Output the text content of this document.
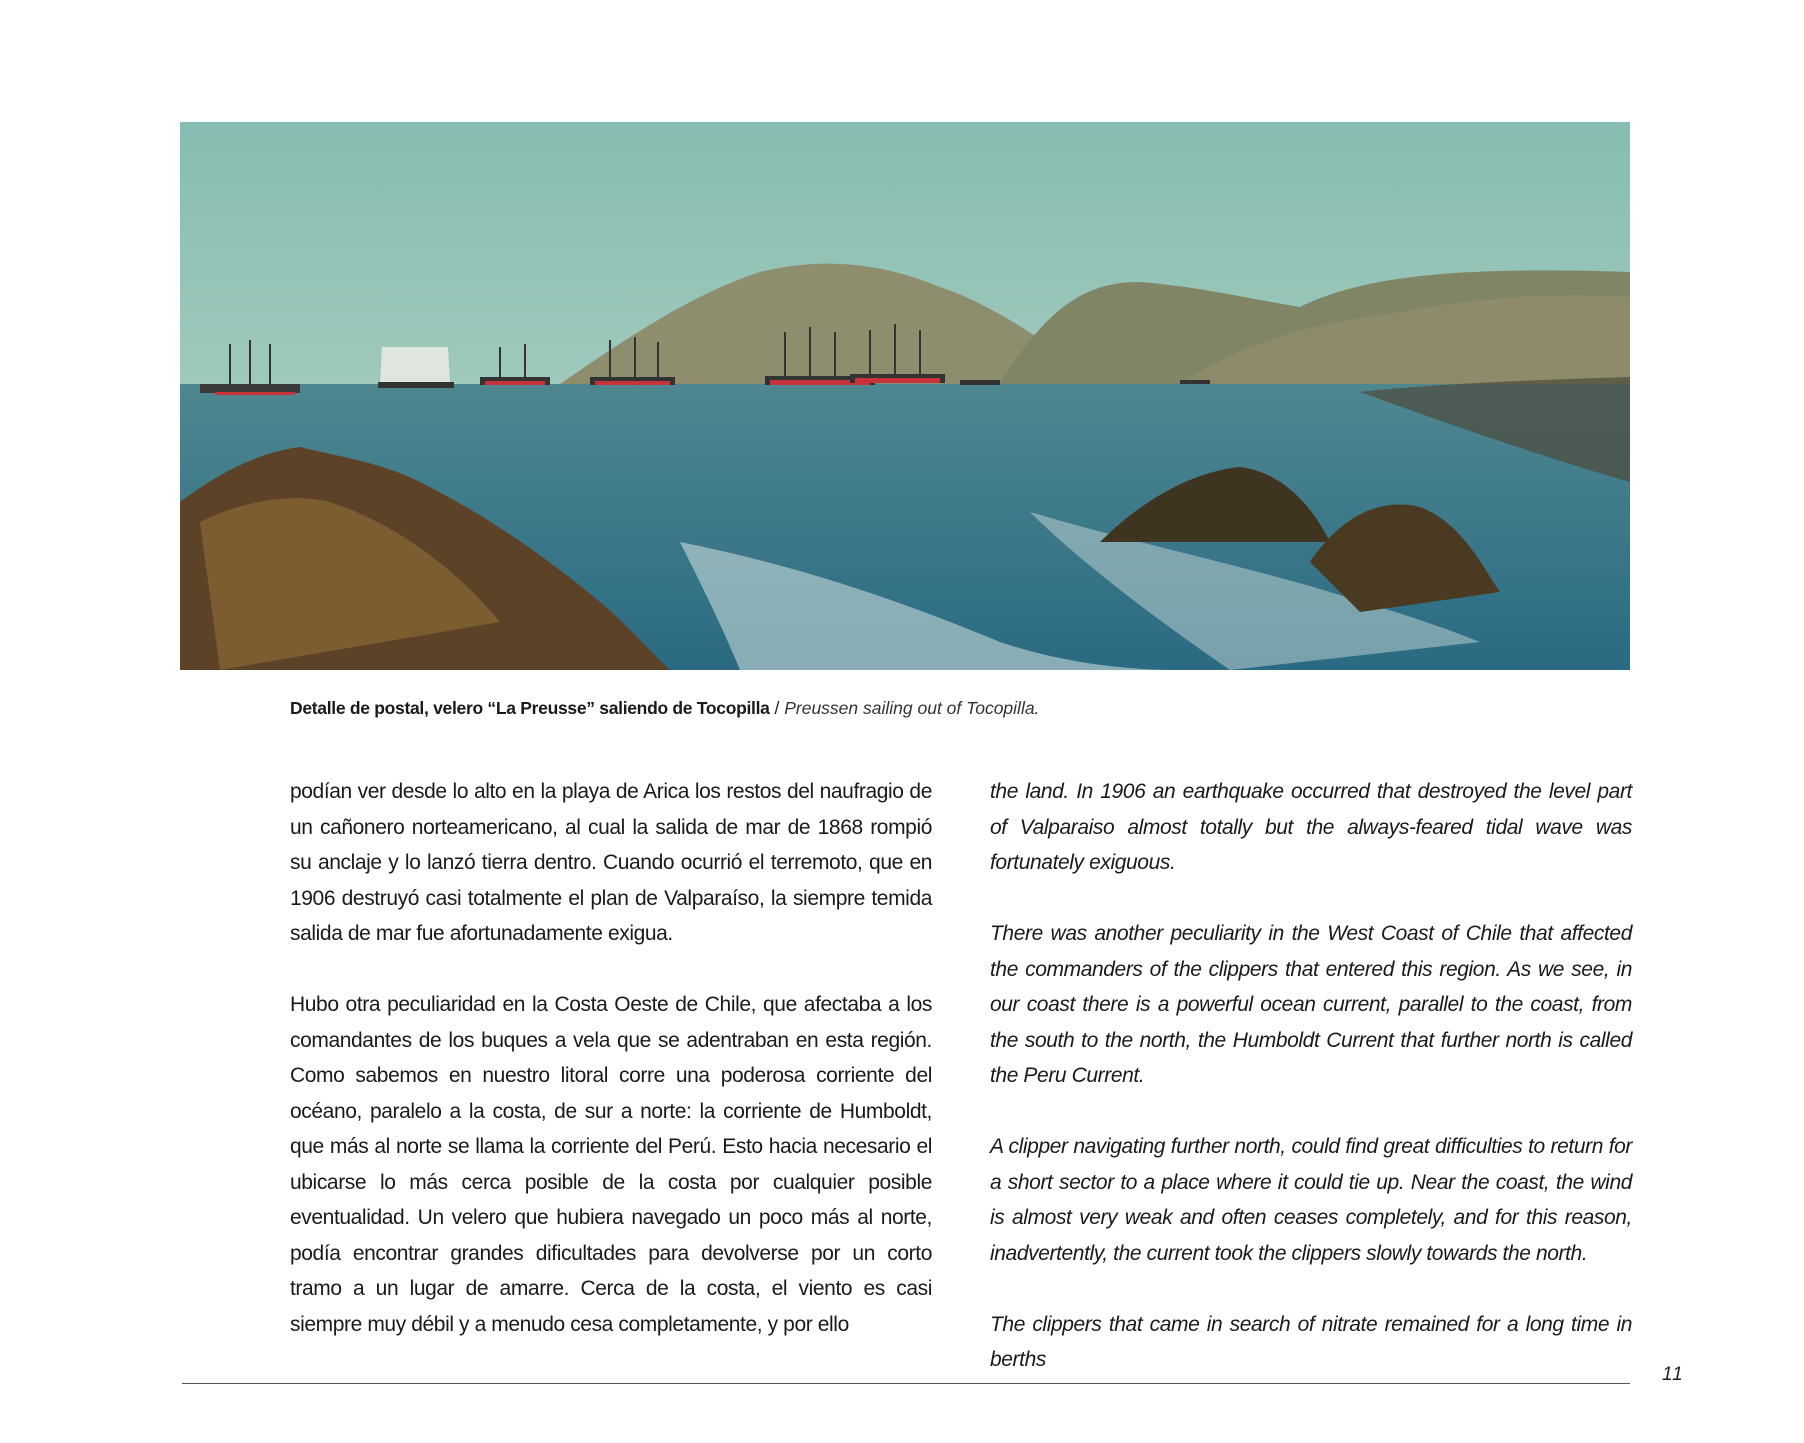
Detalle de postal, velero “La Preusse” saliendo de Tocopilla / Preussen sailing out of Tocopilla.

podían ver desde lo alto en la playa de Arica los restos del naufragio de un cañonero norteamericano, al cual la salida de mar de 1868 rompió su anclaje y lo lanzó tierra dentro. Cuando ocurrió el terremoto, que en 1906 destruyó casi totalmente el plan de Valparaíso, la siempre temida salida de mar fue afortunadamente exigua.

Hubo otra peculiaridad en la Costa Oeste de Chile, que afectaba a los comandantes de los buques a vela que se adentraban en esta región. Como sabemos en nuestro litoral corre una poderosa corriente del océano, paralelo a la costa, de sur a norte: la corriente de Humboldt, que más al norte se llama la corriente del Perú. Esto hacia necesario el ubicarse lo más cerca posible de la costa por cualquier posible eventualidad. Un velero que hubiera navegado un poco más al norte, podía encontrar grandes dificultades para devolverse por un corto tramo a un lugar de amarre. Cerca de la costa, el viento es casi siempre muy débil y a menudo cesa completamente, y por ello

the land. In 1906 an earthquake occurred that destroyed the level part of Valparaiso almost totally but the always-feared tidal wave was fortunately exiguous.

There was another peculiarity in the West Coast of Chile that affected the commanders of the clippers that entered this region. As we see, in our coast there is a powerful ocean current, parallel to the coast, from the south to the north, the Humboldt Current that further north is called the Peru Current.

A clipper navigating further north, could find great difficulties to return for a short sector to a place where it could tie up. Near the coast, the wind is almost very weak and often ceases completely, and for this reason, inadvertently, the current took the clippers slowly towards the north.

The clippers that came in search of nitrate remained for a long time in berths

11
